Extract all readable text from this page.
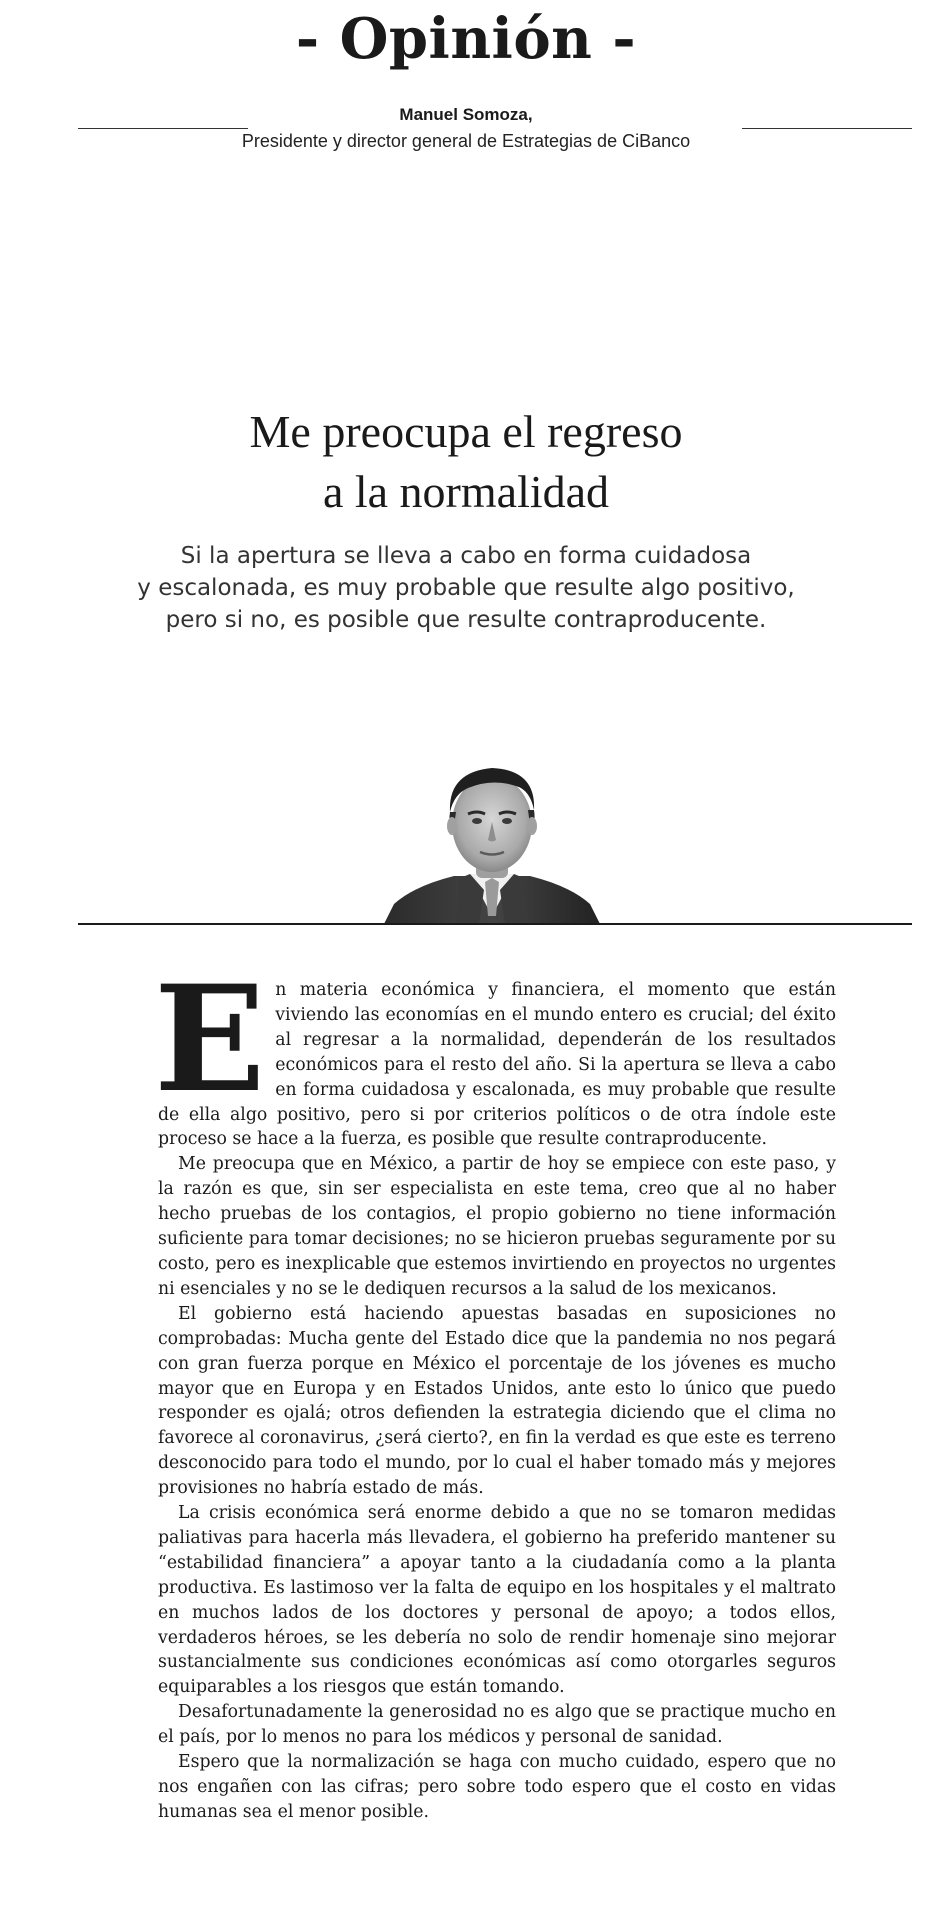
- Opinión -
Manuel Somoza,
Presidente y director general de Estrategias de CiBanco
Me preocupa el regreso
a la normalidad
Si la apertura se lleva a cabo en forma cuidadosa
y escalonada, es muy probable que resulte algo positivo,
pero si no, es posible que resulte contraproducente.

En materia económica y financiera, el momento que están viviendo las economías en el mundo entero es crucial; del éxito al regresar a la normalidad, dependerán de los resultados económicos para el resto del año. Si la apertura se lleva a cabo en forma cuidadosa y escalonada, es muy probable que resulte de ella algo positivo, pero si por criterios políticos o de otra índole este proceso se hace a la fuerza, es posible que resulte contraproducente.

Me preocupa que en México, a partir de hoy se empiece con este paso, y la razón es que, sin ser especialista en este tema, creo que al no haber hecho pruebas de los contagios, el propio gobierno no tiene información suficiente para tomar decisiones; no se hicieron pruebas seguramente por su costo, pero es inexplicable que estemos invirtiendo en proyectos no urgentes ni esenciales y no se le dediquen recursos a la salud de los mexicanos.

El gobierno está haciendo apuestas basadas en suposiciones no comprobadas: Mucha gente del Estado dice que la pandemia no nos pegará con gran fuerza porque en México el porcentaje de los jóvenes es mucho mayor que en Europa y en Estados Unidos, ante esto lo único que puedo responder es ojalá; otros defienden la estrategia diciendo que el clima no favorece al coronavirus, ¿será cierto?, en fin la verdad es que este es terreno desconocido para todo el mundo, por lo cual el haber tomado más y mejores provisiones no habría estado de más.

La crisis económica será enorme debido a que no se tomaron medidas paliativas para hacerla más llevadera, el gobierno ha preferido mantener su “estabilidad financiera” a apoyar tanto a la ciudadanía como a la planta productiva. Es lastimoso ver la falta de equipo en los hospitales y el maltrato en muchos lados de los doctores y personal de apoyo; a todos ellos, verdaderos héroes, se les debería no solo de rendir homenaje sino mejorar sustancialmente sus condiciones económicas así como otorgarles seguros equiparables a los riesgos que están tomando.

Desafortunadamente la generosidad no es algo que se practique mucho en el país, por lo menos no para los médicos y personal de sanidad.

Espero que la normalización se haga con mucho cuidado, espero que no nos engañen con las cifras; pero sobre todo espero que el costo en vidas humanas sea el menor posible.
